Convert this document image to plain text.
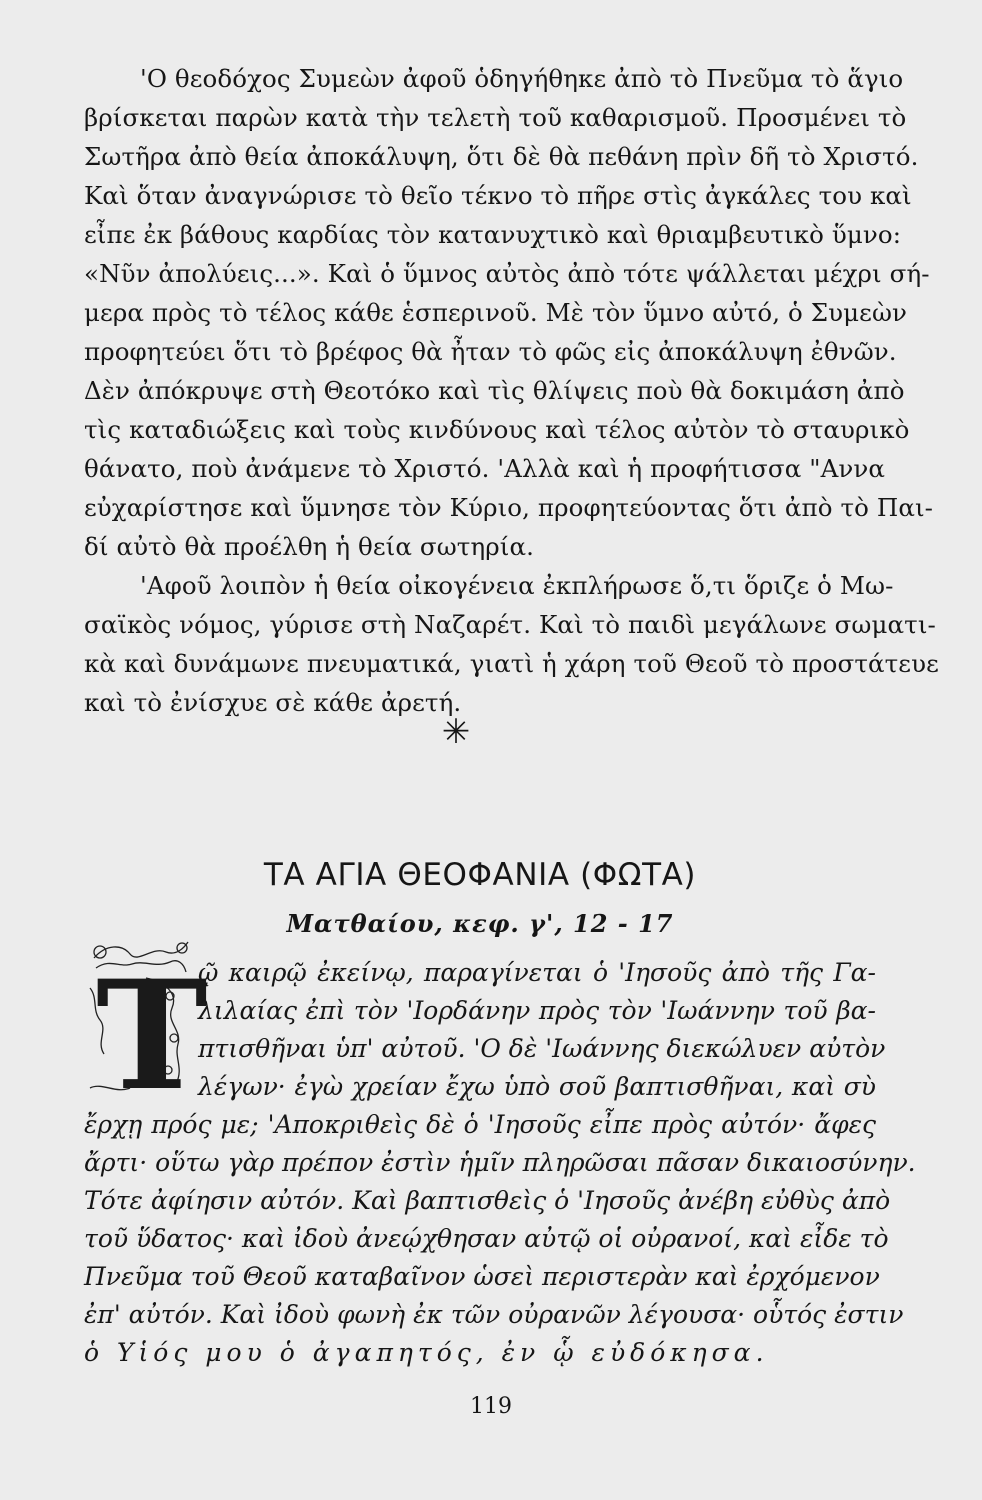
'Ο θεοδόχος Συμεὼν ἀφοῦ ὁδηγήθηκε ἀπὸ τὸ Πνεῦμα τὸ ἅγιο
βρίσκεται παρὼν κατὰ τὴν τελετὴ τοῦ καθαρισμοῦ. Προσμένει τὸ
Σωτῆρα ἀπὸ θεία ἀποκάλυψη, ὅτι δὲ θὰ πεθάνη πρὶν δῆ τὸ Χριστό.
Καὶ ὅταν ἀναγνώρισε τὸ θεῖο τέκνο τὸ πῆρε στὶς ἀγκάλες του καὶ
εἶπε ἐκ βάθους καρδίας τὸν κατανυχτικὸ καὶ θριαμβευτικὸ ὕμνο:
«Νῦν ἀπολύεις...». Καὶ ὁ ὕμνος αὐτὸς ἀπὸ τότε ψάλλεται μέχρι σή-
μερα πρὸς τὸ τέλος κάθε ἑσπερινοῦ. Μὲ τὸν ὕμνο αὐτό, ὁ Συμεὼν
προφητεύει ὅτι τὸ βρέφος θὰ ἦταν τὸ φῶς εἰς ἀποκάλυψη ἐθνῶν.
Δὲν ἀπόκρυψε στὴ Θεοτόκο καὶ τὶς θλίψεις ποὺ θὰ δοκιμάση ἀπὸ
τὶς καταδιώξεις καὶ τοὺς κινδύνους καὶ τέλος αὐτὸν τὸ σταυρικὸ
θάνατο, ποὺ ἀνάμενε τὸ Χριστό. 'Αλλὰ καὶ ἡ προφήτισσα "Αννα
εὐχαρίστησε καὶ ὕμνησε τὸν Κύριο, προφητεύοντας ὅτι ἀπὸ τὸ Παι-
δί αὐτὸ θὰ προέλθη ἡ θεία σωτηρία.
'Αφοῦ λοιπὸν ἡ θεία οἰκογένεια ἐκπλήρωσε ὅ,τι ὅριζε ὁ Μω-
σαϊκὸς νόμος, γύρισε στὴ Ναζαρέτ. Καὶ τὸ παιδὶ μεγάλωνε σωματι-
κὰ καὶ δυνάμωνε πνευματικά, γιατὶ ἡ χάρη τοῦ Θεοῦ τὸ προστάτευε
καὶ τὸ ἐνίσχυε σὲ κάθε ἀρετή.
✳
ΤΑ ΑΓΙΑ ΘΕΟΦΑΝΙΑ (ΦΩΤΑ)
Ματθαίου, κεφ. γ', 12 - 17
Τ
ῷ καιρῷ ἐκείνῳ, παραγίνεται ὁ 'Ιησοῦς ἀπὸ τῆς Γα-
λιλαίας ἐπὶ τὸν 'Ιορδάνην πρὸς τὸν 'Ιωάννην τοῦ βα-
πτισθῆναι ὑπ' αὐτοῦ. 'Ο δὲ 'Ιωάννης διεκώλυεν αὐτὸν
λέγων· ἐγὼ χρείαν ἔχω ὑπὸ σοῦ βαπτισθῆναι, καὶ σὺ
ἔρχῃ πρός με; 'Αποκριθεὶς δὲ ὁ 'Ιησοῦς εἶπε πρὸς αὐτόν· ἄφες
ἄρτι· οὕτω γὰρ πρέπον ἐστὶν ἡμῖν πληρῶσαι πᾶσαν δικαιοσύνην.
Τότε ἀφίησιν αὐτόν. Καὶ βαπτισθεὶς ὁ 'Ιησοῦς ἀνέβη εὐθὺς ἀπὸ
τοῦ ὕδατος· καὶ ἰδοὺ ἀνεῴχθησαν αὐτῷ οἱ οὐρανοί, καὶ εἶδε τὸ
Πνεῦμα τοῦ Θεοῦ καταβαῖνον ὡσεὶ περιστερὰν καὶ ἐρχόμενον
ἐπ' αὐτόν. Καὶ ἰδοὺ φωνὴ ἐκ τῶν οὐρανῶν λέγουσα· οὗτός ἐστιν
ὁ Υἱός μου ὁ ἀγαπητός, ἐν ᾧ εὐδόκησα.
119
